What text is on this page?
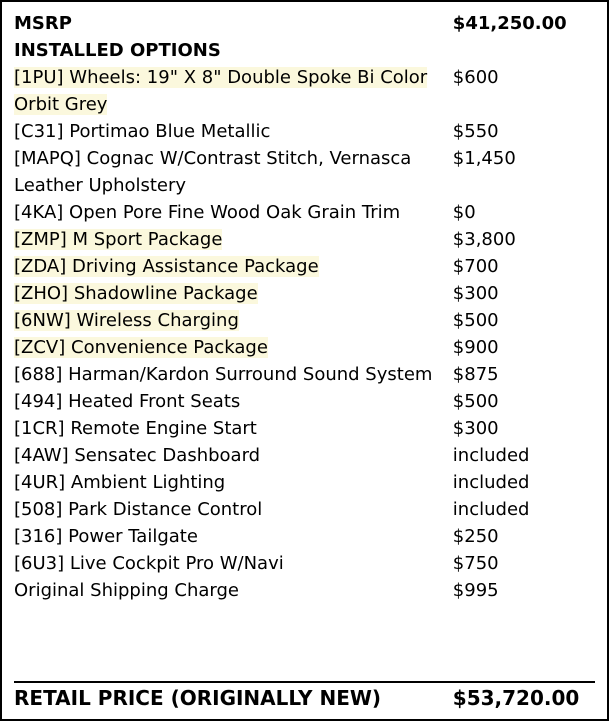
MSRP	$41,250.00
INSTALLED OPTIONS	
[1PU] Wheels: 19" X 8" Double Spoke Bi Color Orbit Grey	$600
[C31] Portimao Blue Metallic	$550
[MAPQ] Cognac W/Contrast Stitch, Vernasca Leather Upholstery	$1,450
[4KA] Open Pore Fine Wood Oak Grain Trim	$0
[ZMP] M Sport Package	$3,800
[ZDA] Driving Assistance Package	$700
[ZHO] Shadowline Package	$300
[6NW] Wireless Charging	$500
[ZCV] Convenience Package	$900
[688] Harman/Kardon Surround Sound System	$875
[494] Heated Front Seats	$500
[1CR] Remote Engine Start	$300
[4AW] Sensatec Dashboard	included
[4UR] Ambient Lighting	included
[508] Park Distance Control	included
[316] Power Tailgate	$250
[6U3] Live Cockpit Pro W/Navi	$750
Original Shipping Charge	$995
RETAIL PRICE (ORIGINALLY NEW)	$53,720.00
